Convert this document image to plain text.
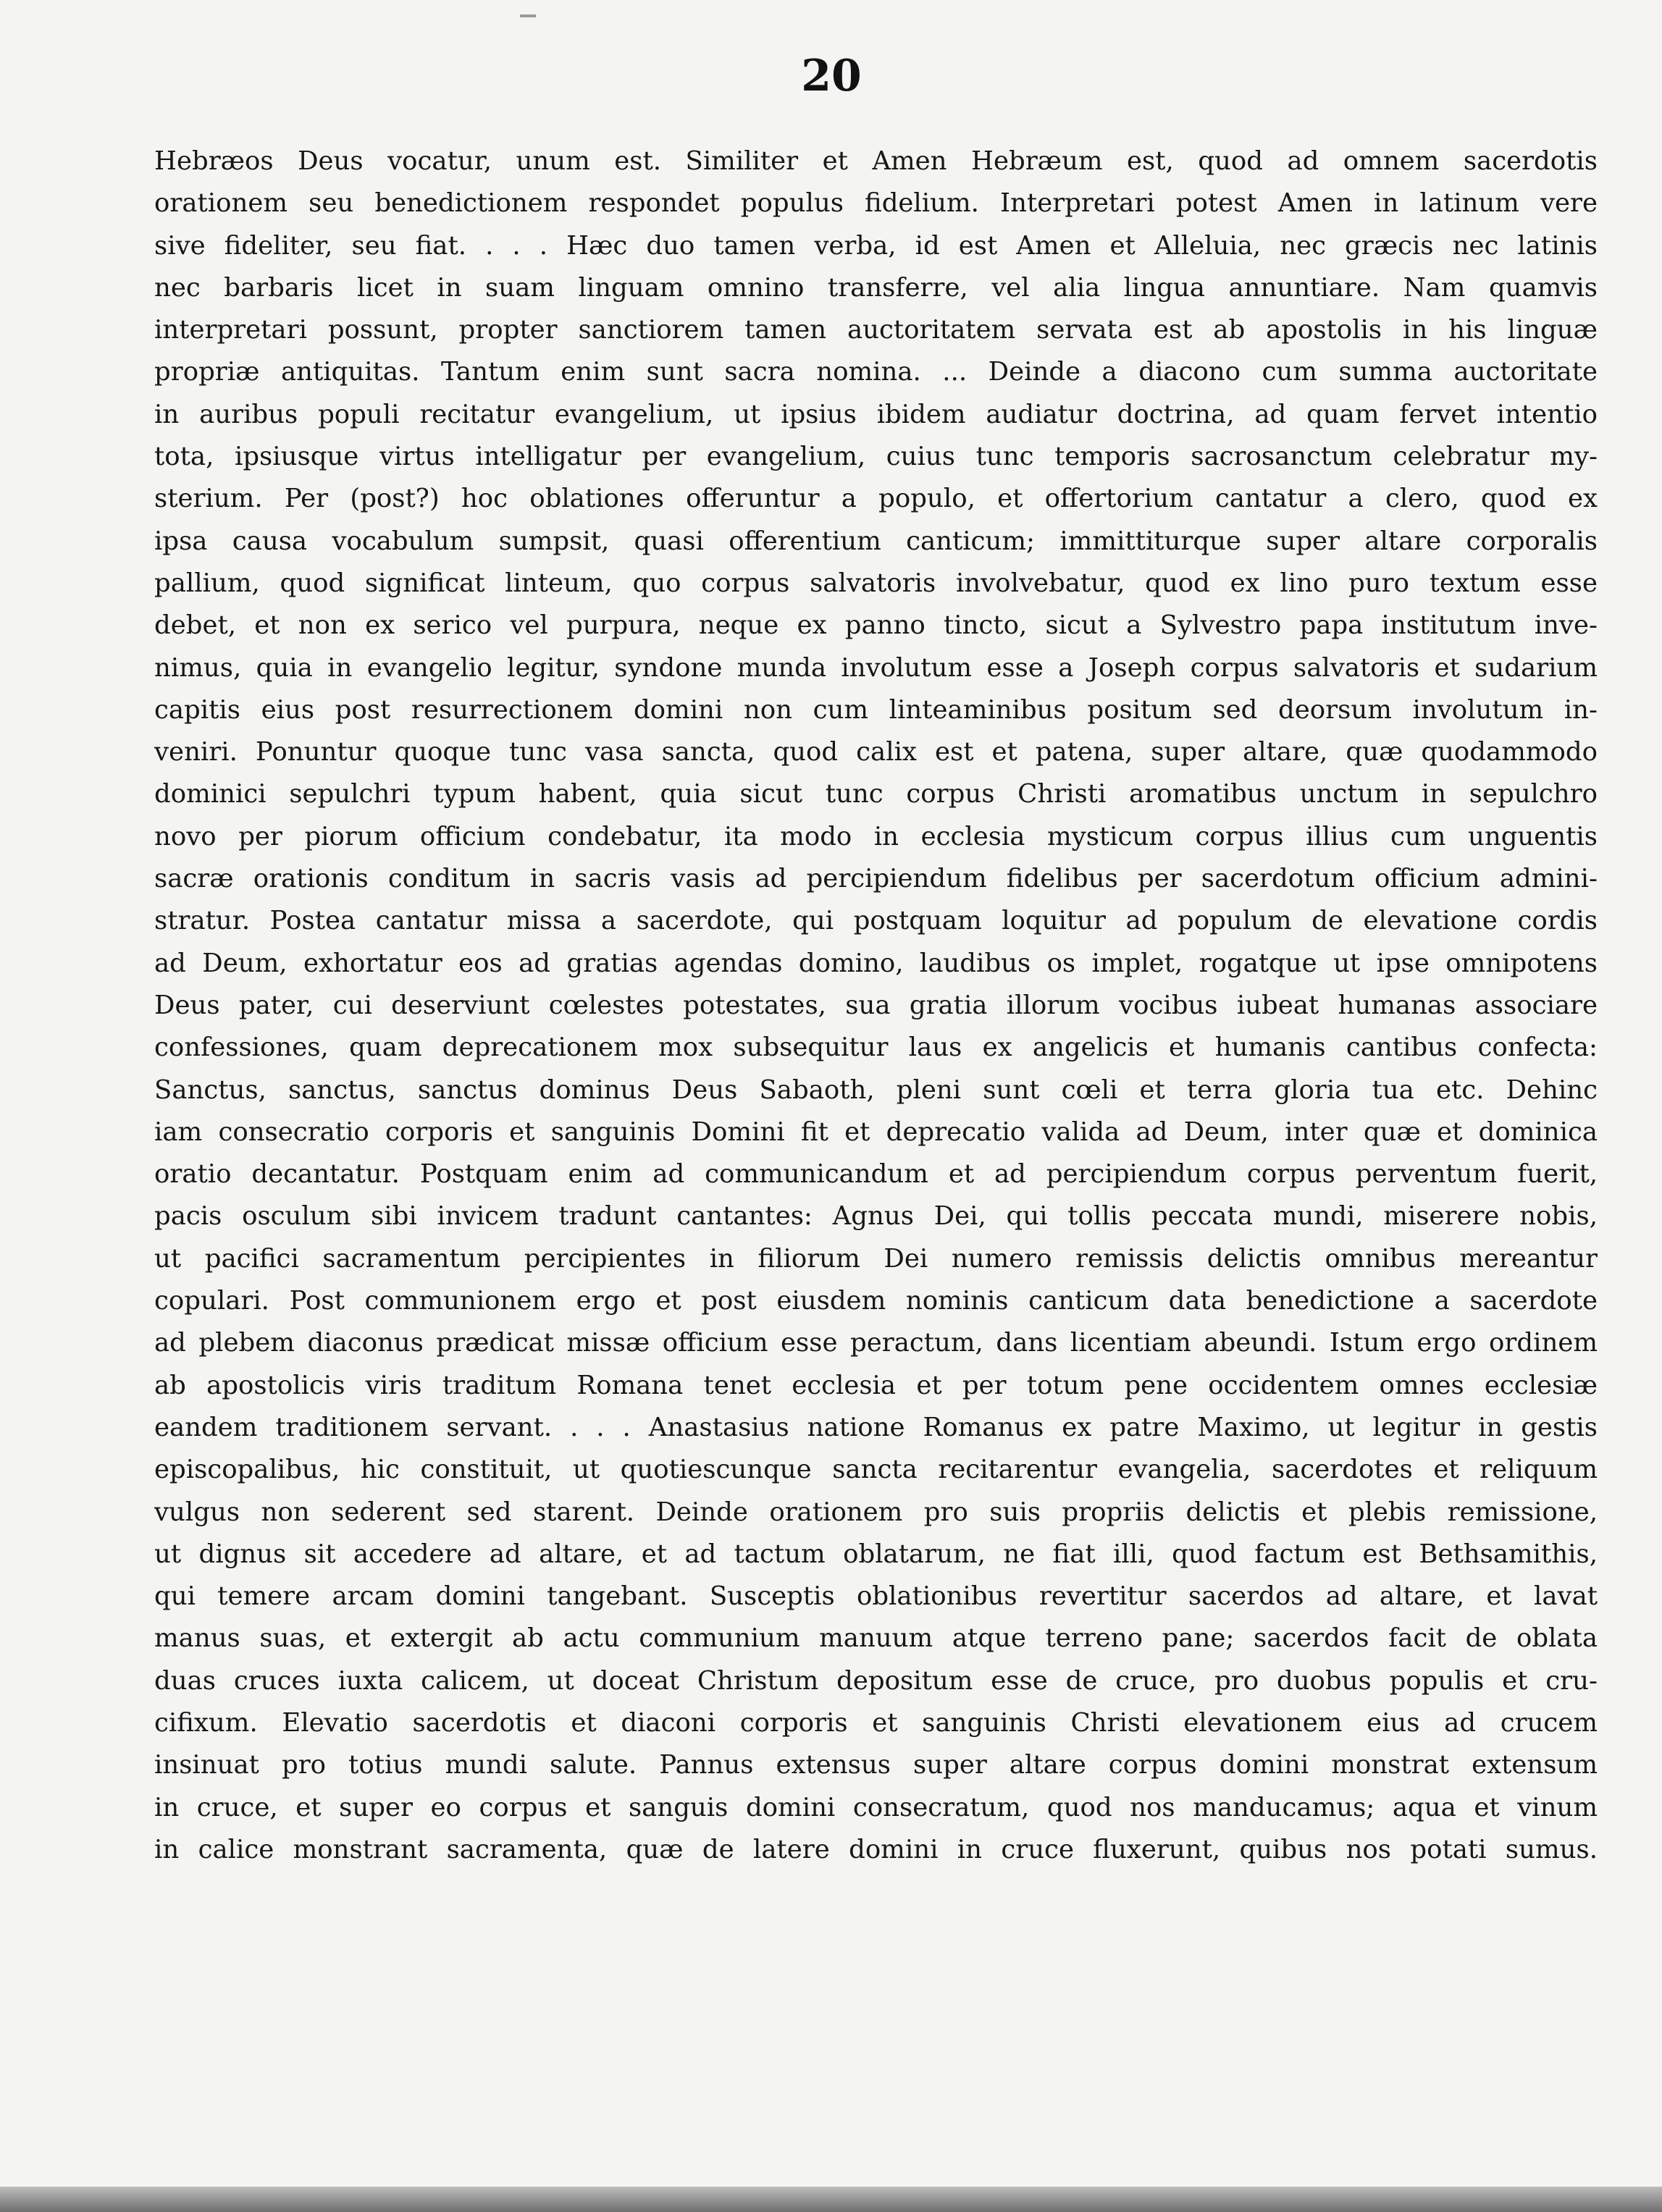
20
Hebræos Deus vocatur, unum est. Similiter et Amen Hebræum est, quod ad omnem sacerdotis
orationem seu benedictionem respondet populus fidelium. Interpretari potest Amen in latinum vere
sive fideliter, seu fiat. . . . Hæc duo tamen verba, id est Amen et Alleluia, nec græcis nec latinis
nec barbaris licet in suam linguam omnino transferre, vel alia lingua annuntiare. Nam quamvis
interpretari possunt, propter sanctiorem tamen auctoritatem servata est ab apostolis in his linguæ
propriæ antiquitas. Tantum enim sunt sacra nomina. ... Deinde a diacono cum summa auctoritate
in auribus populi recitatur evangelium, ut ipsius ibidem audiatur doctrina, ad quam fervet intentio
tota, ipsiusque virtus intelligatur per evangelium, cuius tunc temporis sacrosanctum celebratur my-
sterium. Per (post?) hoc oblationes offeruntur a populo, et offertorium cantatur a clero, quod ex
ipsa causa vocabulum sumpsit, quasi offerentium canticum; immittiturque super altare corporalis
pallium, quod significat linteum, quo corpus salvatoris involvebatur, quod ex lino puro textum esse
debet, et non ex serico vel purpura, neque ex panno tincto, sicut a Sylvestro papa institutum inve-
nimus, quia in evangelio legitur, syndone munda involutum esse a Joseph corpus salvatoris et sudarium
capitis eius post resurrectionem domini non cum linteaminibus positum sed deorsum involutum in-
veniri. Ponuntur quoque tunc vasa sancta, quod calix est et patena, super altare, quæ quodammodo
dominici sepulchri typum habent, quia sicut tunc corpus Christi aromatibus unctum in sepulchro
novo per piorum officium condebatur, ita modo in ecclesia mysticum corpus illius cum unguentis
sacræ orationis conditum in sacris vasis ad percipiendum fidelibus per sacerdotum officium admini-
stratur. Postea cantatur missa a sacerdote, qui postquam loquitur ad populum de elevatione cordis
ad Deum, exhortatur eos ad gratias agendas domino, laudibus os implet, rogatque ut ipse omnipotens
Deus pater, cui deserviunt cœlestes potestates, sua gratia illorum vocibus iubeat humanas associare
confessiones, quam deprecationem mox subsequitur laus ex angelicis et humanis cantibus confecta:
Sanctus, sanctus, sanctus dominus Deus Sabaoth, pleni sunt cœli et terra gloria tua etc. Dehinc
iam consecratio corporis et sanguinis Domini fit et deprecatio valida ad Deum, inter quæ et dominica
oratio decantatur. Postquam enim ad communicandum et ad percipiendum corpus perventum fuerit,
pacis osculum sibi invicem tradunt cantantes: Agnus Dei, qui tollis peccata mundi, miserere nobis,
ut pacifici sacramentum percipientes in filiorum Dei numero remissis delictis omnibus mereantur
copulari. Post communionem ergo et post eiusdem nominis canticum data benedictione a sacerdote
ad plebem diaconus prædicat missæ officium esse peractum, dans licentiam abeundi. Istum ergo ordinem
ab apostolicis viris traditum Romana tenet ecclesia et per totum pene occidentem omnes ecclesiæ
eandem traditionem servant. . . . Anastasius natione Romanus ex patre Maximo, ut legitur in gestis
episcopalibus, hic constituit, ut quotiescunque sancta recitarentur evangelia, sacerdotes et reliquum
vulgus non sederent sed starent. Deinde orationem pro suis propriis delictis et plebis remissione,
ut dignus sit accedere ad altare, et ad tactum oblatarum, ne fiat illi, quod factum est Bethsamithis,
qui temere arcam domini tangebant. Susceptis oblationibus revertitur sacerdos ad altare, et lavat
manus suas, et extergit ab actu communium manuum atque terreno pane; sacerdos facit de oblata
duas cruces iuxta calicem, ut doceat Christum depositum esse de cruce, pro duobus populis et cru-
cifixum. Elevatio sacerdotis et diaconi corporis et sanguinis Christi elevationem eius ad crucem
insinuat pro totius mundi salute. Pannus extensus super altare corpus domini monstrat extensum
in cruce, et super eo corpus et sanguis domini consecratum, quod nos manducamus; aqua et vinum
in calice monstrant sacramenta, quæ de latere domini in cruce fluxerunt, quibus nos potati sumus.
